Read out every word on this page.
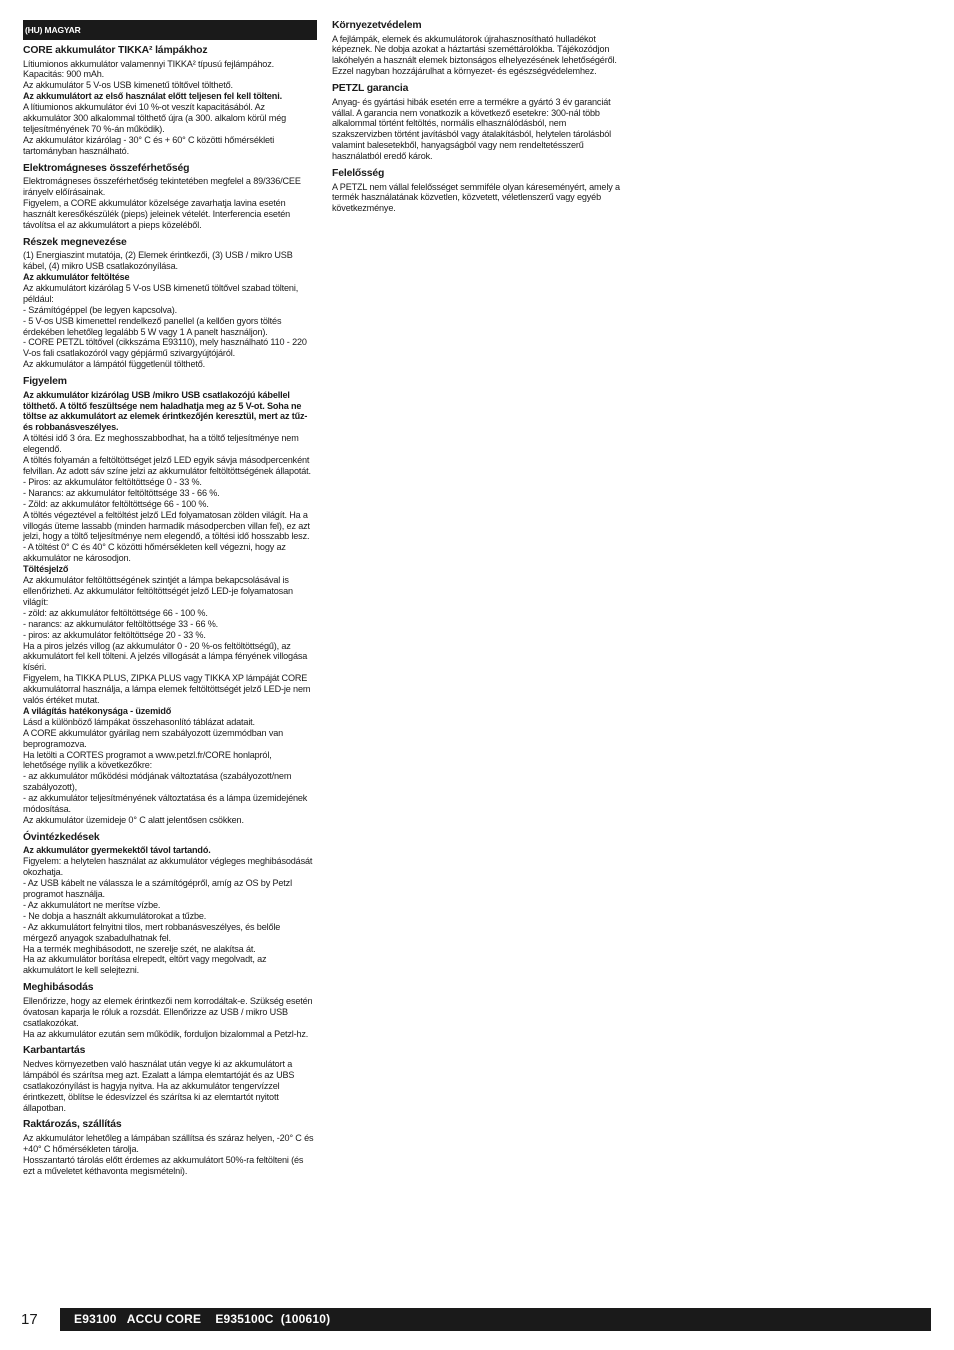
(HU) MAGYAR
CORE akkumulátor TIKKA² lámpákhoz
Lítiumionos akkumulátor valamennyi TIKKA² típusú fejlámpához.
Kapacitás: 900 mAh.
Az akkumulátor 5 V-os USB kimenetű töltővel tölthető.
Az akkumulátort az első használat előtt teljesen fel kell tölteni.
A lítiumionos akkumulátor évi 10 %-ot veszít kapacitásából. Az akkumulátor 300 alkalommal tölthető újra (a 300. alkalom körül még teljesítményének 70 %-án működik).
Az akkumulátor kizárólag - 30° C és + 60° C közötti hőmérsékleti tartományban használható.
Elektromágneses összeférhetőség
Elektromágneses összeférhetőség tekintetében megfelel a 89/336/CEE irányelv előírásainak.
Figyelem, a CORE akkumulátor közelsége zavarhatja lavina esetén használt keresőkészülék (pieps) jeleinek vételét. Interferencia esetén távolítsa el az akkumulátort a pieps közeléből.
Részek megnevezése
(1) Energiaszint mutatója, (2) Elemek érintkezői, (3) USB / mikro USB kábel, (4) mikro USB csatlakozónyílása.
Az akkumulátor feltöltése
Az akkumulátort kizárólag 5 V-os USB kimenetű töltővel szabad tölteni, például:
- Számítógéppel (be legyen kapcsolva).
- 5 V-os USB kimenettel rendelkező panellel (a kellően gyors töltés érdekében lehetőleg legalább 5 W vagy 1 A panelt használjon).
- CORE PETZL töltővel (cikkszáma E93110), mely használható 110 - 220 V-os fali csatlakozóról vagy gépjármű szivargyújtójáról.
Az akkumulátor a lámpától függetlenül tölthető.
Figyelem
Az akkumulátor kizárólag USB /mikro USB csatlakozójú kábellel tölthető. A töltő feszültsége nem haladhatja meg az 5 V-ot. Soha ne töltse az akkumulátort az elemek érintkezőjén keresztül, mert az tűz- és robbanásveszélyes.
A töltési idő 3 óra. Ez meghosszabbodhat, ha a töltő teljesítménye nem elegendő.
A töltés folyamán a feltöltöttséget jelző LED egyik sávja másodpercenként felvillan. Az adott sáv színe jelzi az akkumulátor feltöltöttségének állapotát.
- Piros: az akkumulátor feltöltöttsége 0 - 33 %.
- Narancs: az akkumulátor feltöltöttsége 33 - 66 %.
- Zöld: az akkumulátor feltöltöttsége 66 - 100 %.
A töltés végeztével a feltöltést jelző LEd folyamatosan zölden világít. Ha a villogás üteme lassabb (minden harmadik másodpercben villan fel), ez azt jelzi, hogy a töltő teljesítménye nem elegendő, a töltési idő hosszabb lesz.
- A töltést 0° C és 40° C közötti hőmérsékleten kell végezni, hogy az akkumulátor ne károsodjon.
Töltésjelző
Az akkumulátor feltöltöttségének szintjét a lámpa bekapcsolásával is ellenőrizheti. Az akkumulátor feltöltöttségét jelző LED-je folyamatosan világít:
- zöld: az akkumulátor feltöltöttsége 66 - 100 %.
- narancs: az akkumulátor feltöltöttsége 33 - 66 %.
- piros: az akkumulátor feltöltöttsége 20 - 33 %.
Ha a piros jelzés villog (az akkumulátor 0 - 20 %-os feltöltöttségű), az akkumulátort fel kell tölteni. A jelzés villogását a lámpa fényének villogása kíséri.
Figyelem, ha TIKKA PLUS, ZIPKA PLUS vagy TIKKA XP lámpáját CORE akkumulátorral használja, a lámpa elemek feltöltöttségét jelző LED-je nem valós értéket mutat.
A világítás hatékonysága - üzemidő
Lásd a különböző lámpákat összehasonlító táblázat adatait.
A CORE akkumulátor gyárilag nem szabályozott üzemmódban van beprogramozva.
Ha letölti a CORTES programot a www.petzl.fr/CORE honlapról, lehetősége nyílik a következőkre:
- az akkumulátor működési módjának változtatása (szabályozott/nem szabályozott),
- az akkumulátor teljesítményének változtatása és a lámpa üzemidejének módosítása.
Az akkumulátor üzemideje 0° C alatt jelentősen csökken.
Óvintézkedések
Az akkumulátor gyermekektől távol tartandó.
Figyelem: a helytelen használat az akkumulátor végleges meghibásodását okozhatja.
- Az USB kábelt ne válassza le a számítógépről, amíg az OS by Petzl programot használja.
- Az akkumulátort ne merítse vízbe.
- Ne dobja a használt akkumulátorokat a tűzbe.
- Az akkumulátort felnyitni tilos, mert robbanásveszélyes, és belőle mérgező anyagok szabadulhatnak fel.
Ha a termék meghibásodott, ne szerelje szét, ne alakítsa át.
Ha az akkumulátor borítása elrepedt, eltört vagy megolvadt, az akkumulátort le kell selejtezni.
Meghibásodás
Ellenőrizze, hogy az elemek érintkezői nem korrodáltak-e. Szükség esetén óvatosan kaparja le róluk a rozsdát. Ellenőrizze az USB / mikro USB csatlakozókat.
Ha az akkumulátor ezután sem működik, forduljon bizalommal a Petzl-hz.
Karbantartás
Nedves környezetben való használat után vegye ki az akkumulátort a lámpából és szárítsa meg azt. Ezalatt a lámpa elemtartóját és az UBS csatlakozónyílást is hagyja nyitva. Ha az akkumulátor tengervízzel érintkezett, öblítse le édesvízzel és szárítsa ki az elemtartót nyitott állapotban.
Raktározás, szállítás
Az akkumulátor lehetőleg a lámpában szállítsa és száraz helyen, -20° C és +40° C hőmérsékleten tárolja.
Hosszantartó tárolás előtt érdemes az akkumulátort 50%-ra feltölteni (és ezt a műveletet kéthavonta megismételni).
Környezetvédelem
A fejlámpák, elemek és akkumulátorok újrahasznosítható hulladékot képeznek. Ne dobja azokat a háztartási szeméttárolókba. Tájékozódjon lakóhelyén a használt elemek biztonságos elhelyezésének lehetőségéről. Ezzel nagyban hozzájárulhat a környezet- és egészségvédelemhez.
PETZL garancia
Anyag- és gyártási hibák esetén erre a termékre a gyártó 3 év garanciát vállal. A garancia nem vonatkozik a következő esetekre: 300-nál több alkalommal történt feltöltés, normális elhasználódásból, nem szakszervizben történt javításból vagy átalakításból, helytelen tárolásból valamint balesetekből, hanyagságból vagy nem rendeltetésszerű használatból eredő károk.
Felelősség
A PETZL nem vállal felelősséget semmiféle olyan káreseményért, amely a termék használatának közvetlen, közvetett, véletlenszerű vagy egyéb következménye.
17	E93100   ACCU CORE    E935100C  (100610)
